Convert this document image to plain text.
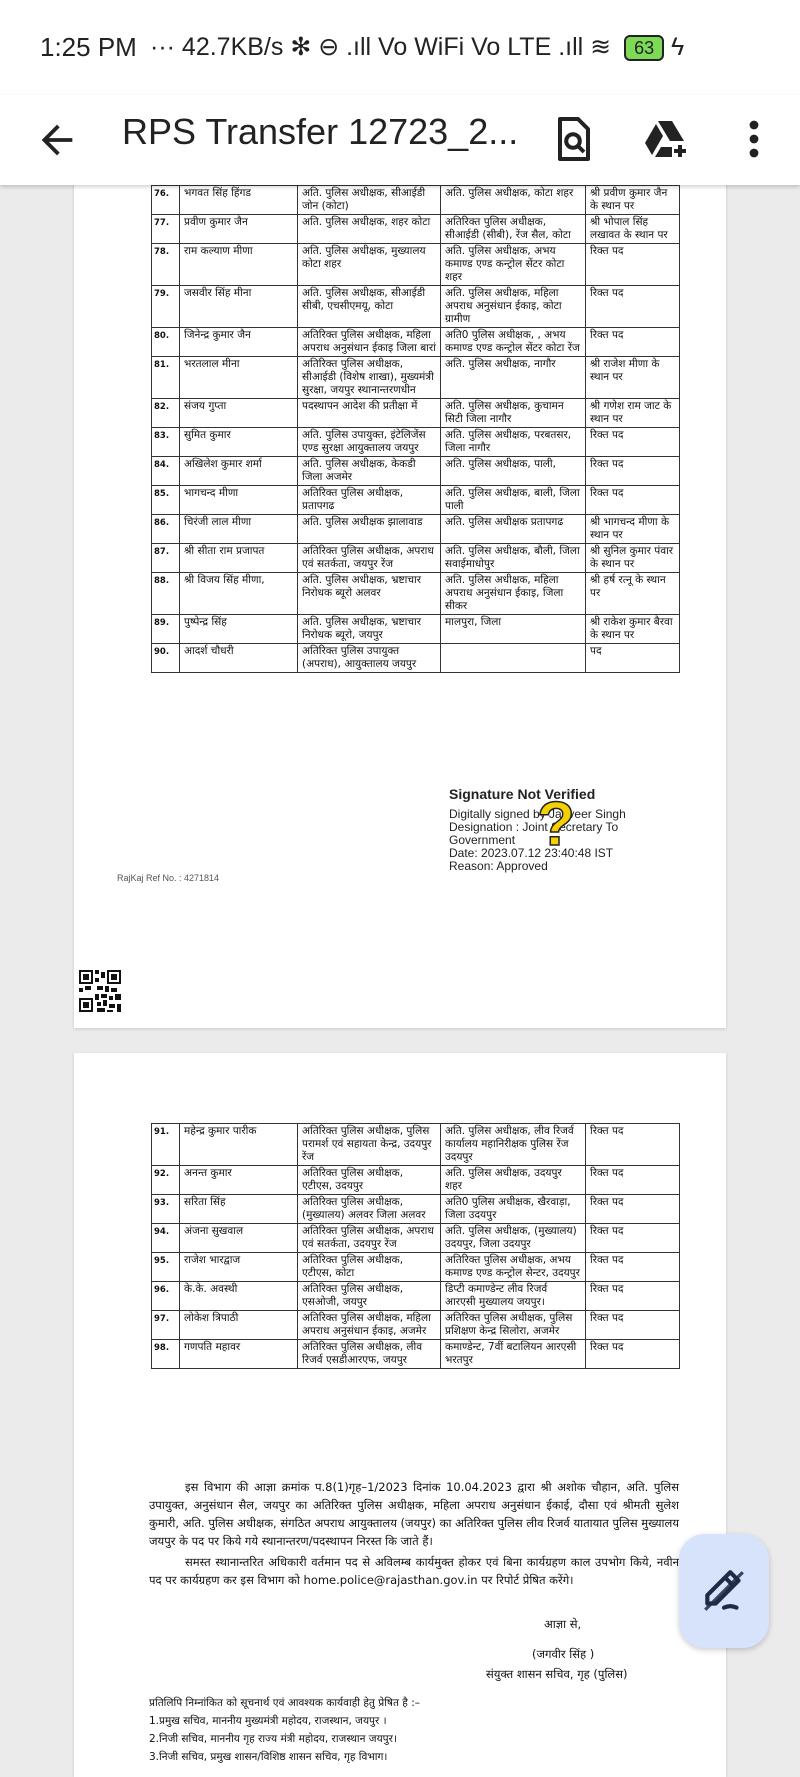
1:25 PM ··· 42.7KB/s ✻ ⊖ .ıll Vo WiFi Vo LTE .ıll ≋ 63 ϟ
RPS Transfer 12723_2...
76.	भगवत सिंह हिंगड	अति. पुलिस अधीक्षक, सीआईडी जोन (कोटा)	अति. पुलिस अधीक्षक, कोटा शहर	श्री प्रवीण कुमार जैन के स्थान पर
77.	प्रवीण कुमार जैन	अति. पुलिस अधीक्षक, शहर कोटा	अतिरिक्त पुलिस अधीक्षक, सीआईडी (सीबी), रेंज सैल, कोटा	श्री भोपाल सिंह लखावत के स्थान पर
78.	राम कल्याण मीणा	अति. पुलिस अधीक्षक, मुख्यालय कोटा शहर	अति. पुलिस अधीक्षक, अभय कमाण्ड एण्ड कन्ट्रोल सेंटर कोटा शहर	रिक्त पद
79.	जसवीर सिंह मीना	अति. पुलिस अधीक्षक, सीआईडी सीबी, एचसीएमयू, कोटा	अति. पुलिस अधीक्षक, महिला अपराध अनुसंधान ईकाइ, कोटा ग्रामीण	रिक्त पद
80.	जिनेन्द्र कुमार जैन	अतिरिक्त पुलिस अधीक्षक, महिला अपराध अनुसंधान ईकाइ जिला बारां	अति0 पुलिस अधीक्षक, , अभय कमाण्ड एण्ड कन्ट्रोल सेंटर कोटा रेंज	रिक्त पद
81.	भरतलाल मीना	अतिरिक्त पुलिस अधीक्षक, सीआईडी (विशेष शाखा), मुख्यमंत्री सुरक्षा, जयपुर स्थानान्तरणधीन	अति. पुलिस अधीक्षक, नागौर	श्री राजेश मीणा के स्थान पर
82.	संजय गुप्ता	पदस्थापन आदेश की प्रतीक्षा में	अति. पुलिस अधीक्षक, कुचामन सिटी जिला नागौर	श्री गणेश राम जाट के स्थान पर
83.	सुमित कुमार	अति. पुलिस उपायुक्त, इंटेलिजेंस एण्ड सुरक्षा आयुक्तालय जयपुर	अति. पुलिस अधीक्षक, परबतसर, जिला नागौर	रिक्त पद
84.	अखिलेश कुमार शर्मा	अति. पुलिस अधीक्षक, केकडी जिला अजमेर	अति. पुलिस अधीक्षक, पाली,	रिक्त पद
85.	भागचन्द मीणा	अतिरिक्त पुलिस अधीक्षक, प्रतापगढ	अति. पुलिस अधीक्षक, बाली, जिला पाली	रिक्त पद
86.	चिरंजी लाल मीणा	अति. पुलिस अधीक्षक झालावाड	अति. पुलिस अधीक्षक प्रतापगढ	श्री भागचन्द मीणा के स्थान पर
87.	श्री सीता राम प्रजापत	अतिरिक्त पुलिस अधीक्षक, अपराध एवं सतर्कता, जयपुर रेंज	अति. पुलिस अधीक्षक, बौली, जिला सवाईमाधोपुर	श्री सुनिल कुमार पंवार के स्थान पर
88.	श्री विजय सिंह मीणा,	अति. पुलिस अधीक्षक, भ्रष्टाचार निरोधक ब्यूरो अलवर	अति. पुलिस अधीक्षक, महिला अपराध अनुसंधान ईकाइ, जिला सीकर	श्री हर्ष रत्नू के स्थान पर
89.	पुष्पेन्द्र सिंह	अति. पुलिस अधीक्षक, भ्रष्टाचार निरोधक ब्यूरो, जयपुर	मालपुरा, जिला	श्री राकेश कुमार बैरवा के स्थान पर
90.	आदर्श चौधरी	अतिरिक्त पुलिस उपायुक्त (अपराध), आयुक्तालय जयपुर		पद
RajKaj Ref No. : 4271814
?
Signature Not Verified
Digitally signed by Jagveer Singh
Designation : Joint Secretary To Government
Date: 2023.07.12 23:40:48 IST
Reason: Approved
91.	महेन्द्र कुमार पारीक	अतिरिक्त पुलिस अधीक्षक, पुलिस परामर्श एवं सहायता केन्द्र, उदयपुर रेंज	अति. पुलिस अधीक्षक, लीव रिजर्व कार्यालय महानिरीक्षक पुलिस रेंज उदयपुर	रिक्त पद
92.	अनन्त कुमार	अतिरिक्त पुलिस अधीक्षक, एटीएस, उदयपुर	अति. पुलिस अधीक्षक, उदयपुर शहर	रिक्त पद
93.	सरिता सिंह	अतिरिक्त पुलिस अधीक्षक, (मुख्यालय) अलवर जिला अलवर	अति0 पुलिस अधीक्षक, खैरवाड़ा, जिला उदयपुर	रिक्त पद
94.	अंजना सुखवाल	अतिरिक्त पुलिस अधीक्षक, अपराध एवं सतर्कता, उदयपुर रेंज	अति. पुलिस अधीक्षक, (मुख्यालय) उदयपुर, जिला उदयपुर	रिक्त पद
95.	राजेश भारद्वाज	अतिरिक्त पुलिस अधीक्षक, एटीएस, कोटा	अतिरिक्त पुलिस अधीक्षक, अभय कमाण्ड एण्ड कन्ट्रोल सेन्टर, उदयपुर	रिक्त पद
96.	के.के. अवस्थी	अतिरिक्त पुलिस अधीक्षक, एसओजी, जयपुर	डिप्टी कमाण्डेन्ट लीव रिजर्व आरएसी मुख्यालय जयपुर।	रिक्त पद
97.	लोकेश त्रिपाठी	अतिरिक्त पुलिस अधीक्षक, महिला अपराध अनुसंधान ईकाइ, अजमेर	अतिरिक्त पुलिस अधीक्षक, पुलिस प्रशिक्षण केन्द्र सिलोरा, अजमेर	रिक्त पद
98.	गणपति महावर	अतिरिक्त पुलिस अधीक्षक, लीव रिजर्व एसडीआरएफ, जयपुर	कमाण्डेन्ट, 7वीं बटालियन आरएसी भरतपुर	रिक्त पद
इस विभाग की आज्ञा क्रमांक प.8(1)गृह–1/2023 दिनांक 10.04.2023 द्वारा श्री अशोक चौहान, अति. पुलिस उपायुक्त, अनुसंधान सैल, जयपुर का अतिरिक्त पुलिस अधीक्षक, महिला अपराध अनुसंधान ईकाई, दौसा एवं श्रीमती सुलेश कुमारी, अति. पुलिस अधीक्षक, संगठित अपराध आयुक्तालय (जयपुर) का अतिरिक्त पुलिस लीव रिजर्व यातायात पुलिस मुख्यालय जयपुर के पद पर किये गये स्थानान्तरण/पदस्थापन निरस्त कि जाते हैं।
समस्त स्थानान्तरित अधिकारी वर्तमान पद से अविलम्ब कार्यमुक्त होकर एवं बिना कार्यग्रहण काल उपभोग किये, नवीन पद पर कार्यग्रहण कर इस विभाग को home.police@rajasthan.gov.in पर रिपोर्ट प्रेषित करेंगे।
आज्ञा से,
(जगवीर सिंह )
संयुक्त शासन सचिव, गृह (पुलिस)
प्रतिलिपि निम्नांकित को सूचनार्थ एवं आवश्यक कार्यवाही हेतु प्रेषित है :–
1.प्रमुख सचिव, माननीय मुख्यमंत्री महोदय, राजस्थान, जयपुर ।
2.निजी सचिव, माननीय गृह राज्य मंत्री महोदय, राजस्थान जयपुर।
3.निजी सचिव, प्रमुख शासन/विशिष्ठ शासन सचिव, गृह विभाग।
